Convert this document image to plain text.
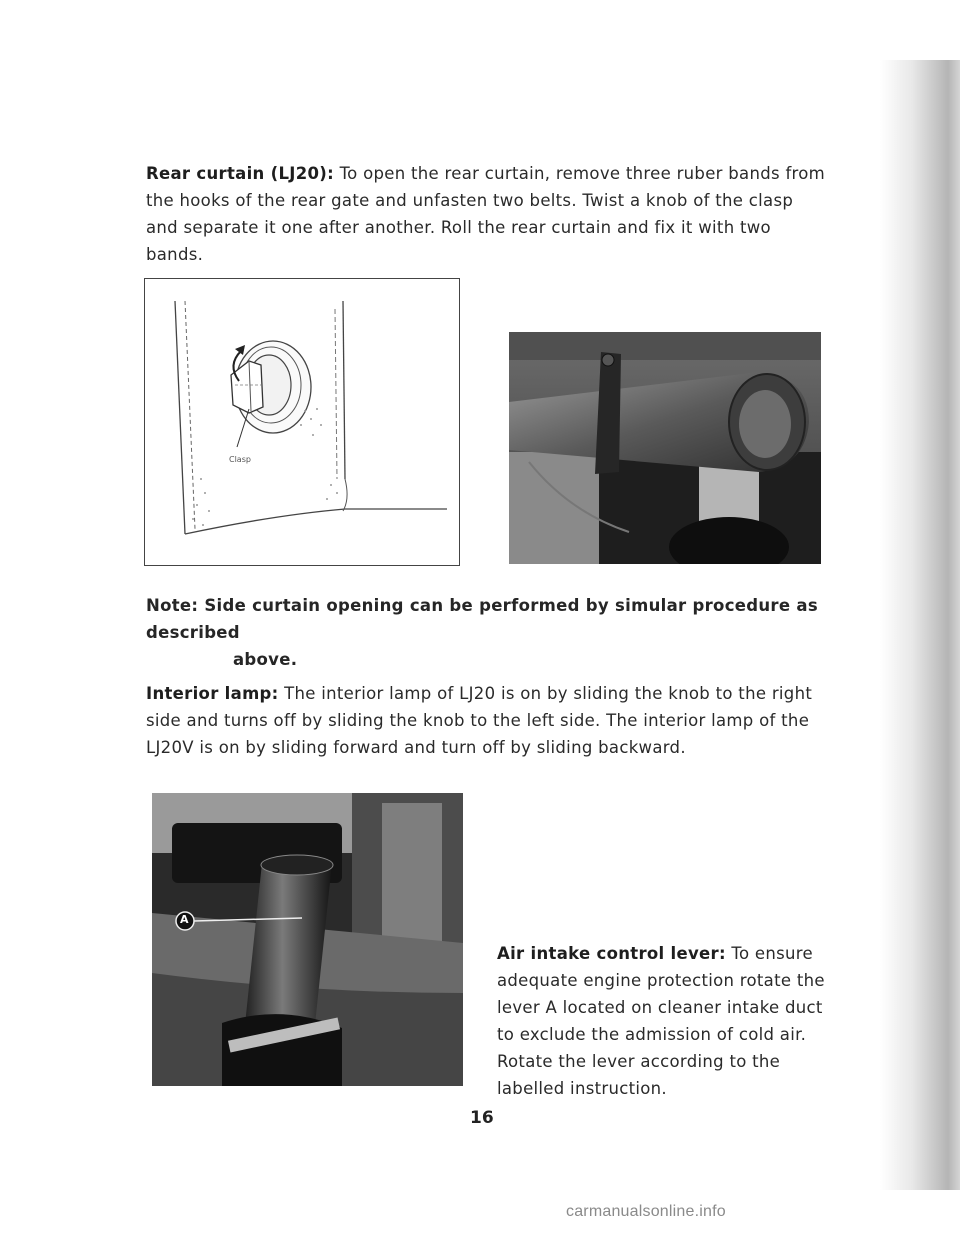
Rear curtain (LJ20): To open the rear curtain, remove three ruber bands from the hooks of the rear gate and unfasten two belts. Twist a knob of the clasp and separate it one after another. Roll the rear curtain and fix it with two bands.
Clasp
Note: Side curtain opening can be performed by simular procedure as described
above.
Interior lamp: The interior lamp of LJ20 is on by sliding the knob to the right side and turns off by sliding the knob to the left side. The interior lamp of the LJ20V is on by sliding forward and turn off by sliding backward.
A
Air intake control lever: To ensure adequate engine protection rotate the lever A located on cleaner intake duct to exclude the admission of cold air. Rotate the lever according to the labelled instruction.
16
carmanualsonline.info
